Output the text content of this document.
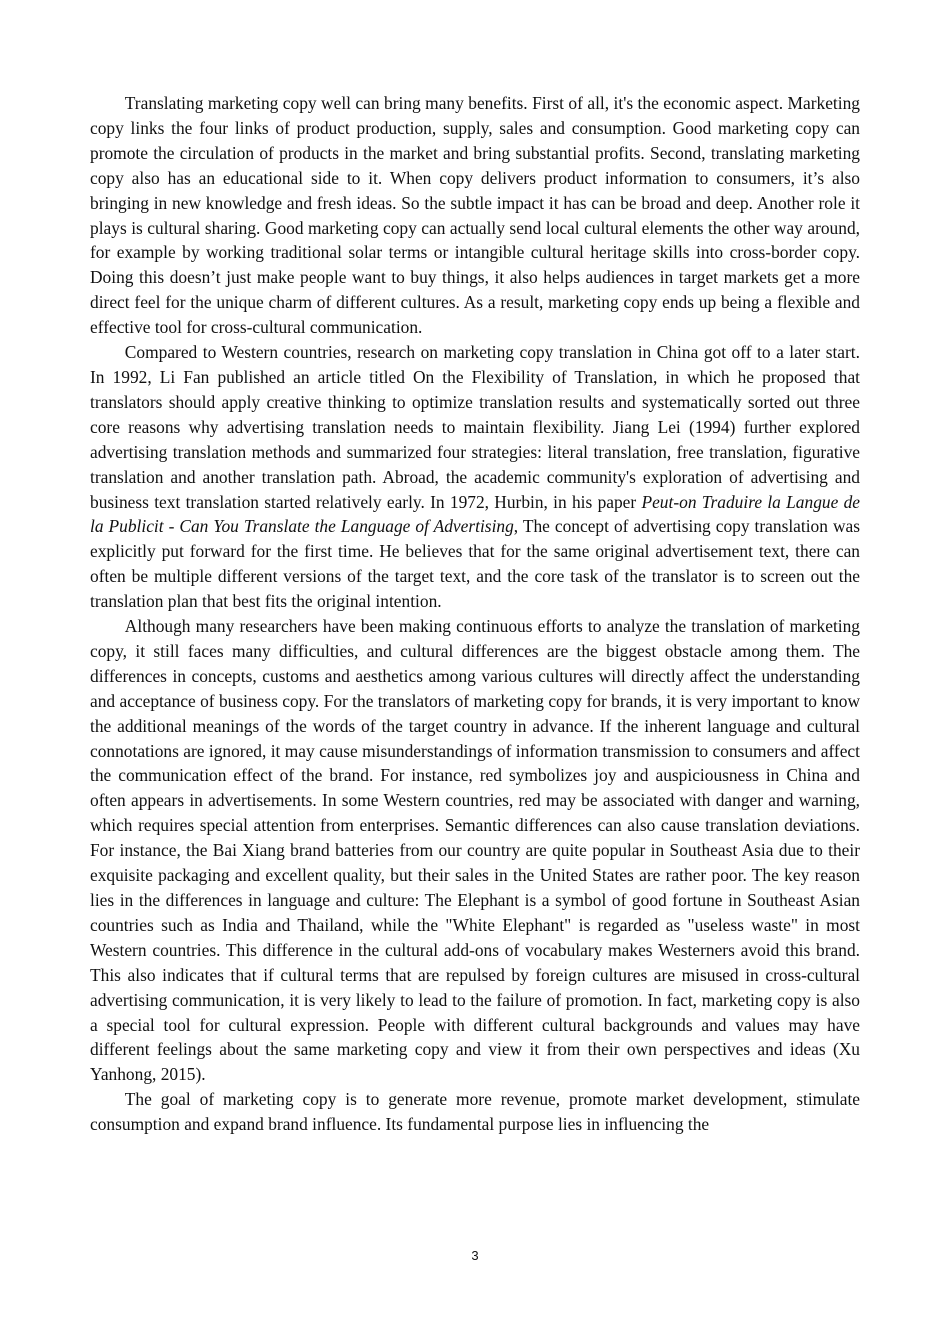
Translating marketing copy well can bring many benefits. First of all, it's the economic aspect. Marketing copy links the four links of product production, supply, sales and consumption. Good marketing copy can promote the circulation of products in the market and bring substantial profits. Second, translating marketing copy also has an educational side to it. When copy delivers product information to consumers, it’s also bringing in new knowledge and fresh ideas. So the subtle impact it has can be broad and deep. Another role it plays is cultural sharing. Good marketing copy can actually send local cultural elements the other way around, for example by working traditional solar terms or intangible cultural heritage skills into cross-border copy. Doing this doesn’t just make people want to buy things, it also helps audiences in target markets get a more direct feel for the unique charm of different cultures. As a result, marketing copy ends up being a flexible and effective tool for cross-cultural communication.

Compared to Western countries, research on marketing copy translation in China got off to a later start. In 1992, Li Fan published an article titled On the Flexibility of Translation, in which he proposed that translators should apply creative thinking to optimize translation results and systematically sorted out three core reasons why advertising translation needs to maintain flexibility. Jiang Lei (1994) further explored advertising translation methods and summarized four strategies: literal translation, free translation, figurative translation and another translation path. Abroad, the academic community's exploration of advertising and business text translation started relatively early. In 1972, Hurbin, in his paper Peut-on Traduire la Langue de la Publicit - Can You Translate the Language of Advertising, The concept of advertising copy translation was explicitly put forward for the first time. He believes that for the same original advertisement text, there can often be multiple different versions of the target text, and the core task of the translator is to screen out the translation plan that best fits the original intention.

Although many researchers have been making continuous efforts to analyze the translation of marketing copy, it still faces many difficulties, and cultural differences are the biggest obstacle among them. The differences in concepts, customs and aesthetics among various cultures will directly affect the understanding and acceptance of business copy. For the translators of marketing copy for brands, it is very important to know the additional meanings of the words of the target country in advance. If the inherent language and cultural connotations are ignored, it may cause misunderstandings of information transmission to consumers and affect the communication effect of the brand. For instance, red symbolizes joy and auspiciousness in China and often appears in advertisements. In some Western countries, red may be associated with danger and warning, which requires special attention from enterprises. Semantic differences can also cause translation deviations. For instance, the Bai Xiang brand batteries from our country are quite popular in Southeast Asia due to their exquisite packaging and excellent quality, but their sales in the United States are rather poor. The key reason lies in the differences in language and culture: The Elephant is a symbol of good fortune in Southeast Asian countries such as India and Thailand, while the "White Elephant" is regarded as "useless waste" in most Western countries. This difference in the cultural add-ons of vocabulary makes Westerners avoid this brand. This also indicates that if cultural terms that are repulsed by foreign cultures are misused in cross-cultural advertising communication, it is very likely to lead to the failure of promotion. In fact, marketing copy is also a special tool for cultural expression. People with different cultural backgrounds and values may have different feelings about the same marketing copy and view it from their own perspectives and ideas (Xu Yanhong, 2015).

The goal of marketing copy is to generate more revenue, promote market development, stimulate consumption and expand brand influence. Its fundamental purpose lies in influencing the

3
